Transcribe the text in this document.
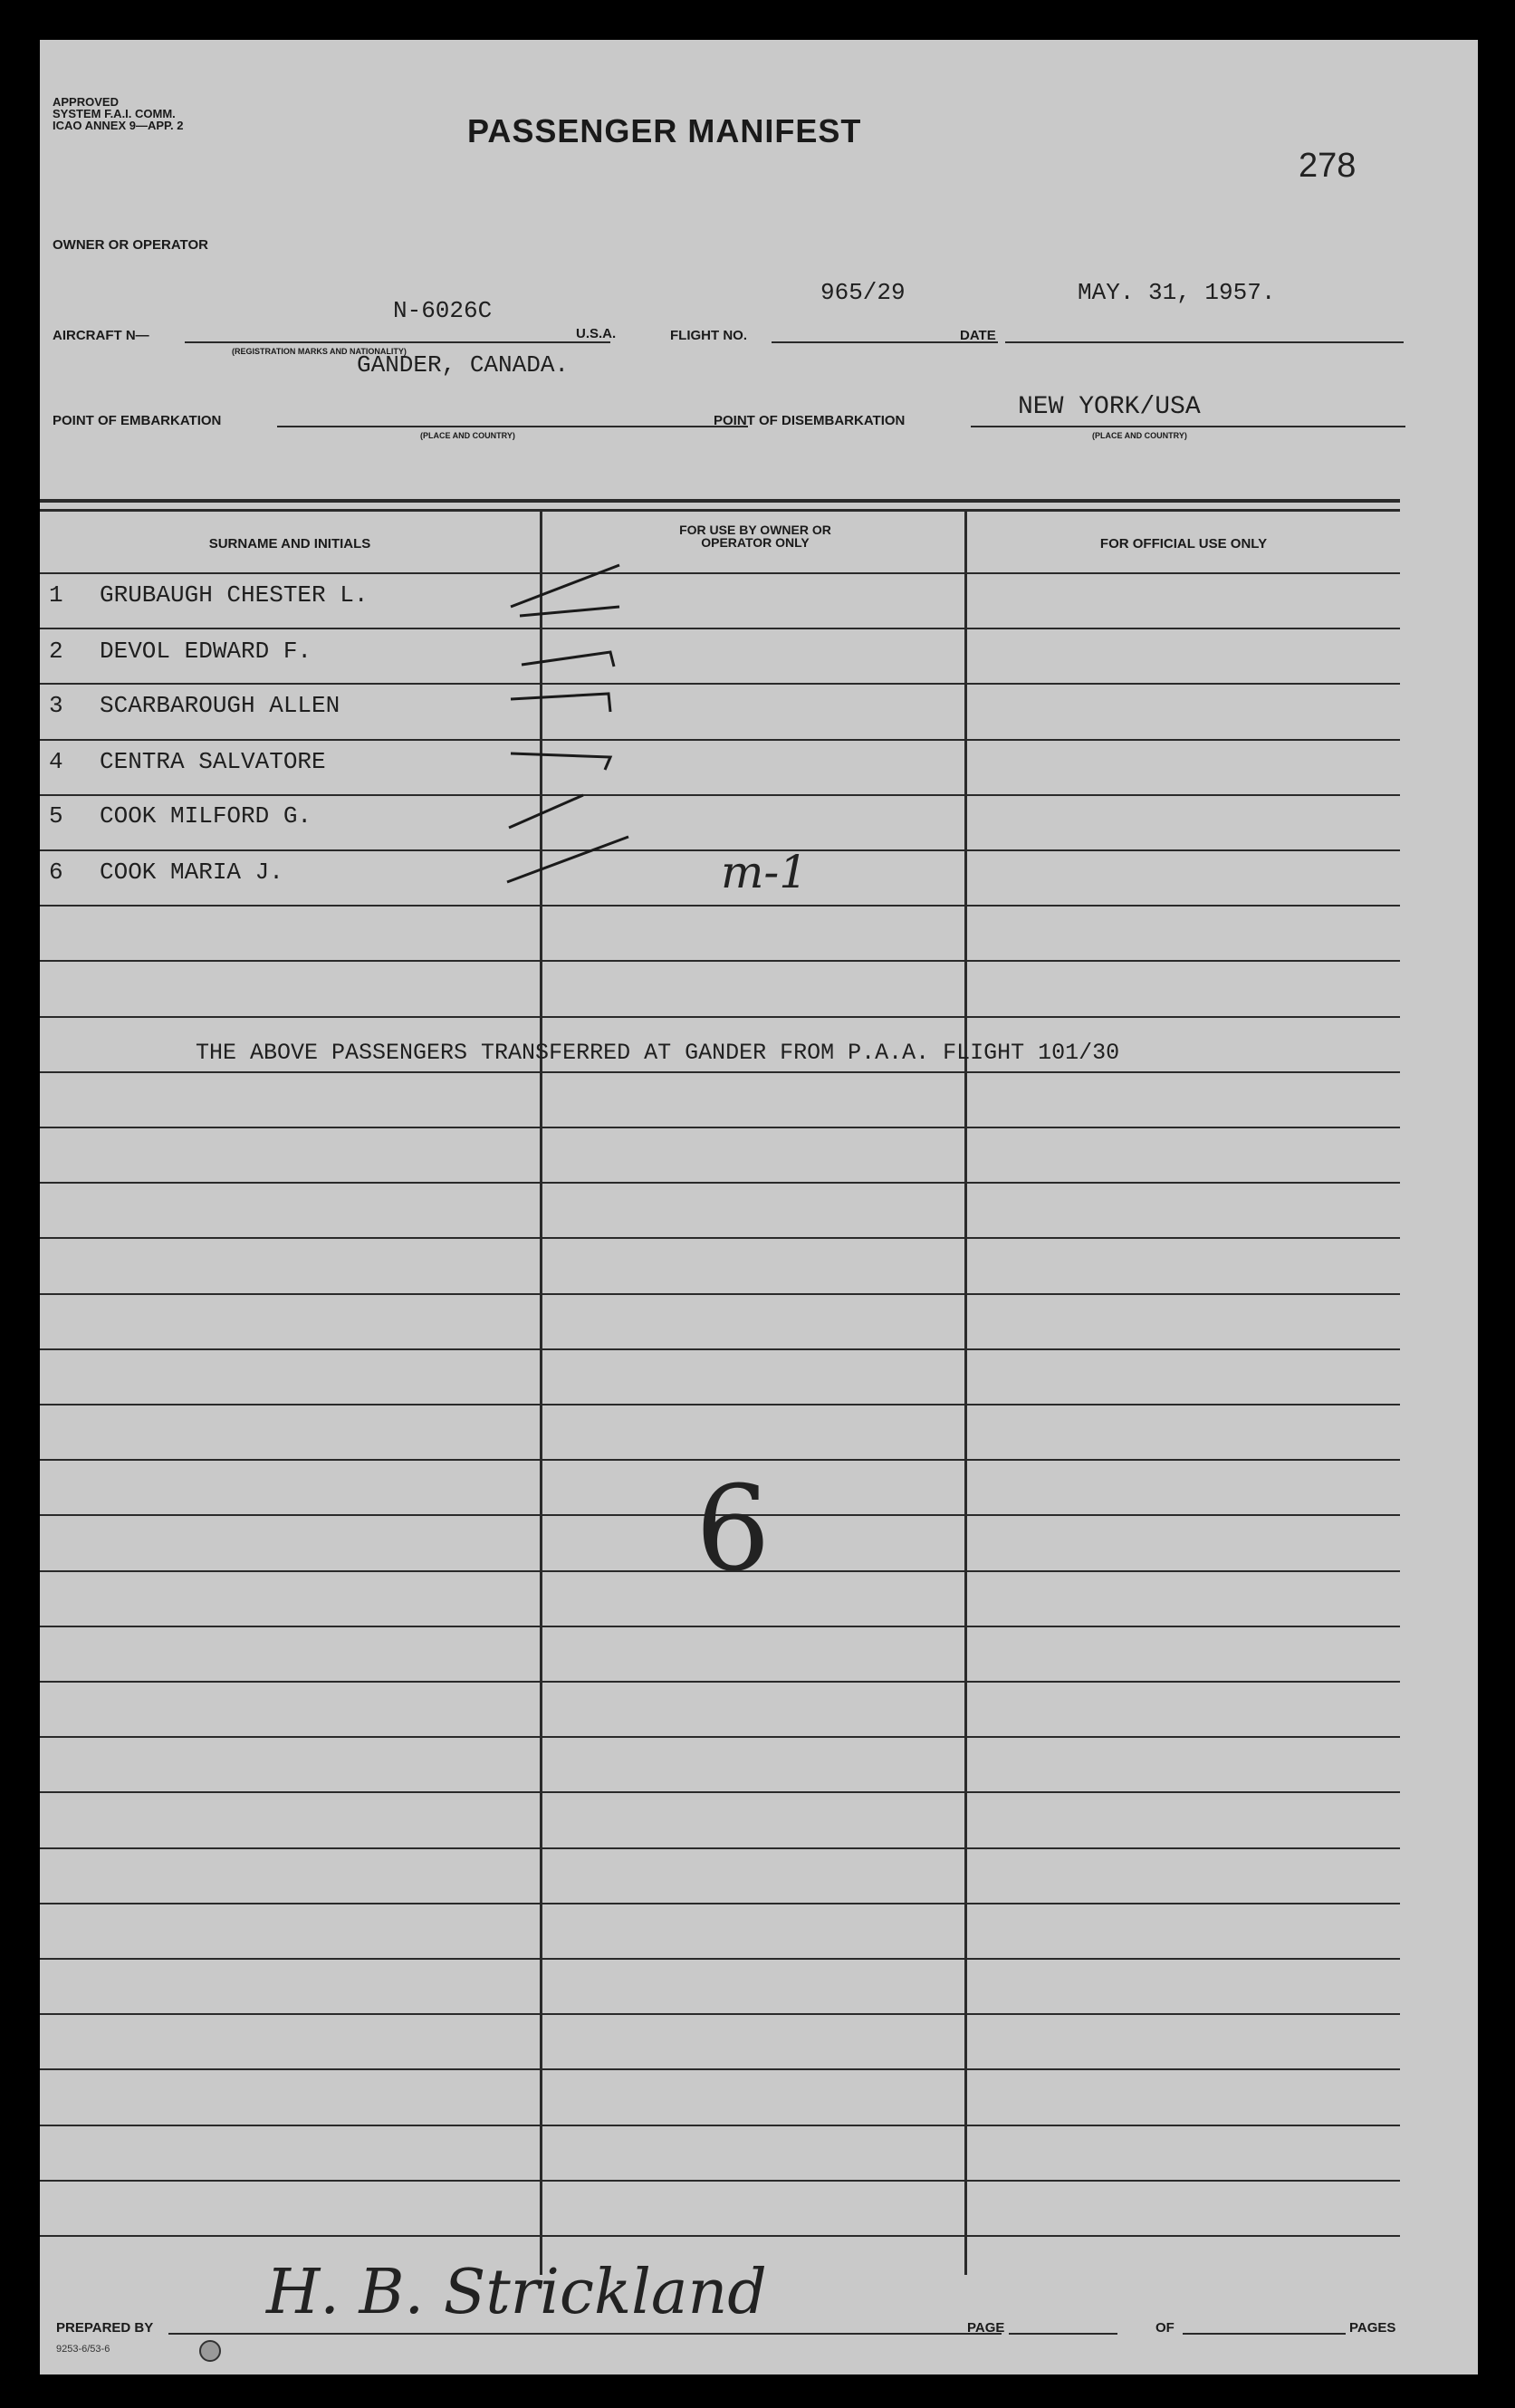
APPROVED
SYSTEM F.A.I. COMM.
ICAO ANNEX 9—APP. 2	PASSENGER MANIFEST
278
OWNER OR OPERATOR
AIRCRAFT N—
N-6026C
U.S.A.	FLIGHT NO.
965/29
DATE
MAY. 31, 1957.
(REGISTRATION MARKS AND NATIONALITY)
GANDER, CANADA.
POINT OF EMBARKATION
(PLACE AND COUNTRY)
POINT OF DISEMBARKATION	NEW YORK/USA
(PLACE AND COUNTRY)
SURNAME AND INITIALS
FOR USE BY OWNER OR OPERATOR ONLY	FOR OFFICIAL USE ONLY
1 GRUBAUGH CHESTER L.
2 DEVOL EDWARD F.
3 SCARBAROUGH ALLEN
4 CENTRA SALVATORE
5 COOK MILFORD G.
6 COOK MARIA J.	m-1
THE ABOVE PASSENGERS TRANSFERRED AT GANDER FROM P.A.A. FLIGHT 101/30
6
PREPARED BY H. B. Strickland	PAGE	OF	PAGES
9253-6/53-6
